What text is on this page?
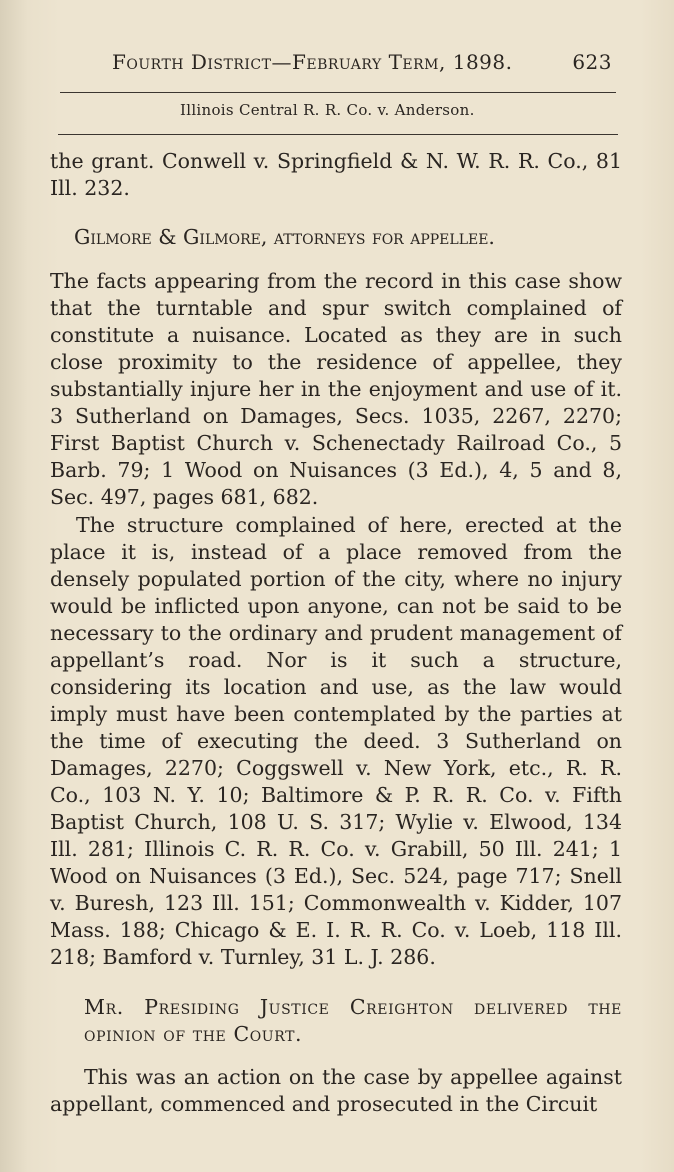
Fourth District—February Term, 1898.	623
Illinois Central R. R. Co. v. Anderson.

the grant. Conwell v. Springfield & N. W. R. R. Co., 81 Ill. 232.

Gilmore & Gilmore, attorneys for appellee.

The facts appearing from the record in this case show that the turntable and spur switch complained of constitute a nuisance. Located as they are in such close proximity to the residence of appellee, they substantially injure her in the enjoyment and use of it. 3 Sutherland on Damages, Secs. 1035, 2267, 2270; First Baptist Church v. Schenectady Railroad Co., 5 Barb. 79; 1 Wood on Nuisances (3 Ed.), 4, 5 and 8, Sec. 497, pages 681, 682.

The structure complained of here, erected at the place it is, instead of a place removed from the densely populated portion of the city, where no injury would be inflicted upon anyone, can not be said to be necessary to the ordinary and prudent management of appellant’s road. Nor is it such a structure, considering its location and use, as the law would imply must have been contemplated by the parties at the time of executing the deed. 3 Sutherland on Damages, 2270; Coggswell v. New York, etc., R. R. Co., 103 N. Y. 10; Baltimore & P. R. R. Co. v. Fifth Baptist Church, 108 U. S. 317; Wylie v. Elwood, 134 Ill. 281; Illinois C. R. R. Co. v. Grabill, 50 Ill. 241; 1 Wood on Nuisances (3 Ed.), Sec. 524, page 717; Snell v. Buresh, 123 Ill. 151; Commonwealth v. Kidder, 107 Mass. 188; Chicago & E. I. R. R. Co. v. Loeb, 118 Ill. 218; Bamford v. Turnley, 31 L. J. 286.

Mr. Presiding Justice Creighton delivered the opinion of the Court.

This was an action on the case by appellee against appellant, commenced and prosecuted in the Circuit
